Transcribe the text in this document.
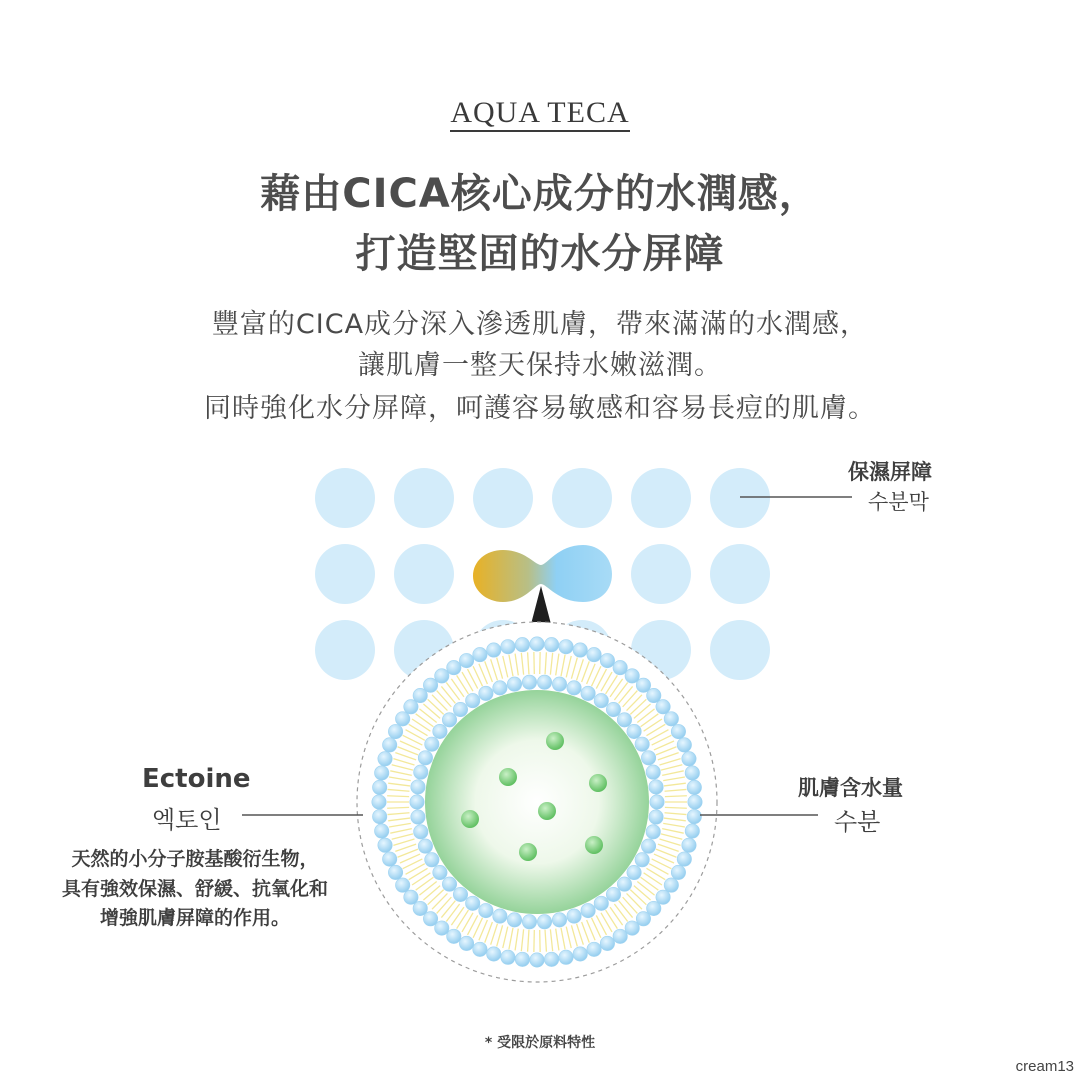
AQUA TECA
藉由CICA核心成分的水潤感，
打造堅固的水分屏障
豐富的CICA成分深入滲透肌膚，帶來滿滿的水潤感，
讓肌膚一整天保持水嫩滋潤。
同時強化水分屏障，呵護容易敏感和容易長痘的肌膚。
保濕屏障
수분막
Ectoine
엑토인
天然的小分子胺基酸衍生物，
具有強效保濕、舒緩、抗氧化和
增強肌膚屏障的作用。
肌膚含水量
수분
* 受限於原料特性
cream13
